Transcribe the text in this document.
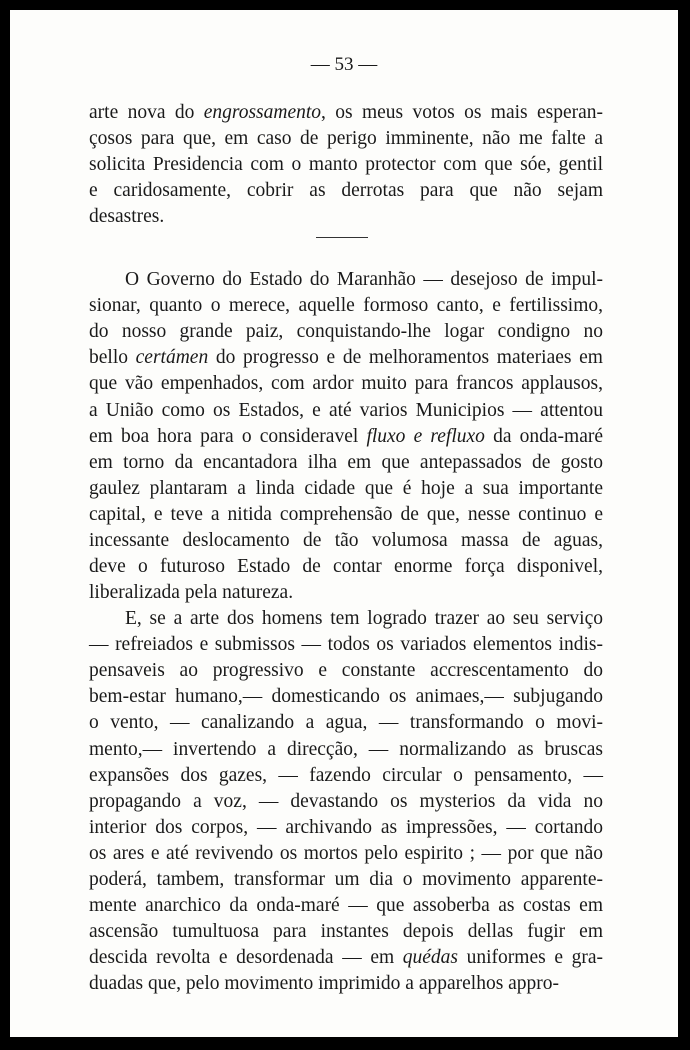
— 53 —
arte nova do engrossamento, os meus votos os mais esperan-
çosos para que, em caso de perigo imminente, não me falte a
solicita Presidencia com o manto protector com que sóe, gentil
e caridosamente, cobrir as derrotas para que não sejam
desastres.
O Governo do Estado do Maranhão — desejoso de impul-
sionar, quanto o merece, aquelle formoso canto, e fertilissimo,
do nosso grande paiz, conquistando-lhe logar condigno no
bello certámen do progresso e de melhoramentos materiaes em
que vão empenhados, com ardor muito para francos applausos,
a União como os Estados, e até varios Municipios — attentou
em boa hora para o consideravel fluxo e refluxo da onda-maré
em torno da encantadora ilha em que antepassados de gosto
gaulez plantaram a linda cidade que é hoje a sua importante
capital, e teve a nitida comprehensão de que, nesse continuo e
incessante deslocamento de tão volumosa massa de aguas,
deve o futuroso Estado de contar enorme força disponivel,
liberalizada pela natureza.
E, se a arte dos homens tem logrado trazer ao seu serviço
— refreiados e submissos — todos os variados elementos indis-
pensaveis ao progressivo e constante accrescentamento do
bem-estar humano,— domesticando os animaes,— subjugando
o vento, — canalizando a agua, — transformando o movi-
mento,— invertendo a direcção, — normalizando as bruscas
expansões dos gazes, — fazendo circular o pensamento, —
propagando a voz, — devastando os mysterios da vida no
interior dos corpos, — archivando as impressões, — cortando
os ares e até revivendo os mortos pelo espirito ; — por que não
poderá, tambem, transformar um dia o movimento apparente-
mente anarchico da onda-maré — que assoberba as costas em
ascensão tumultuosa para instantes depois dellas fugir em
descida revolta e desordenada — em quédas uniformes e gra-
duadas que, pelo movimento imprimido a apparelhos appro-
